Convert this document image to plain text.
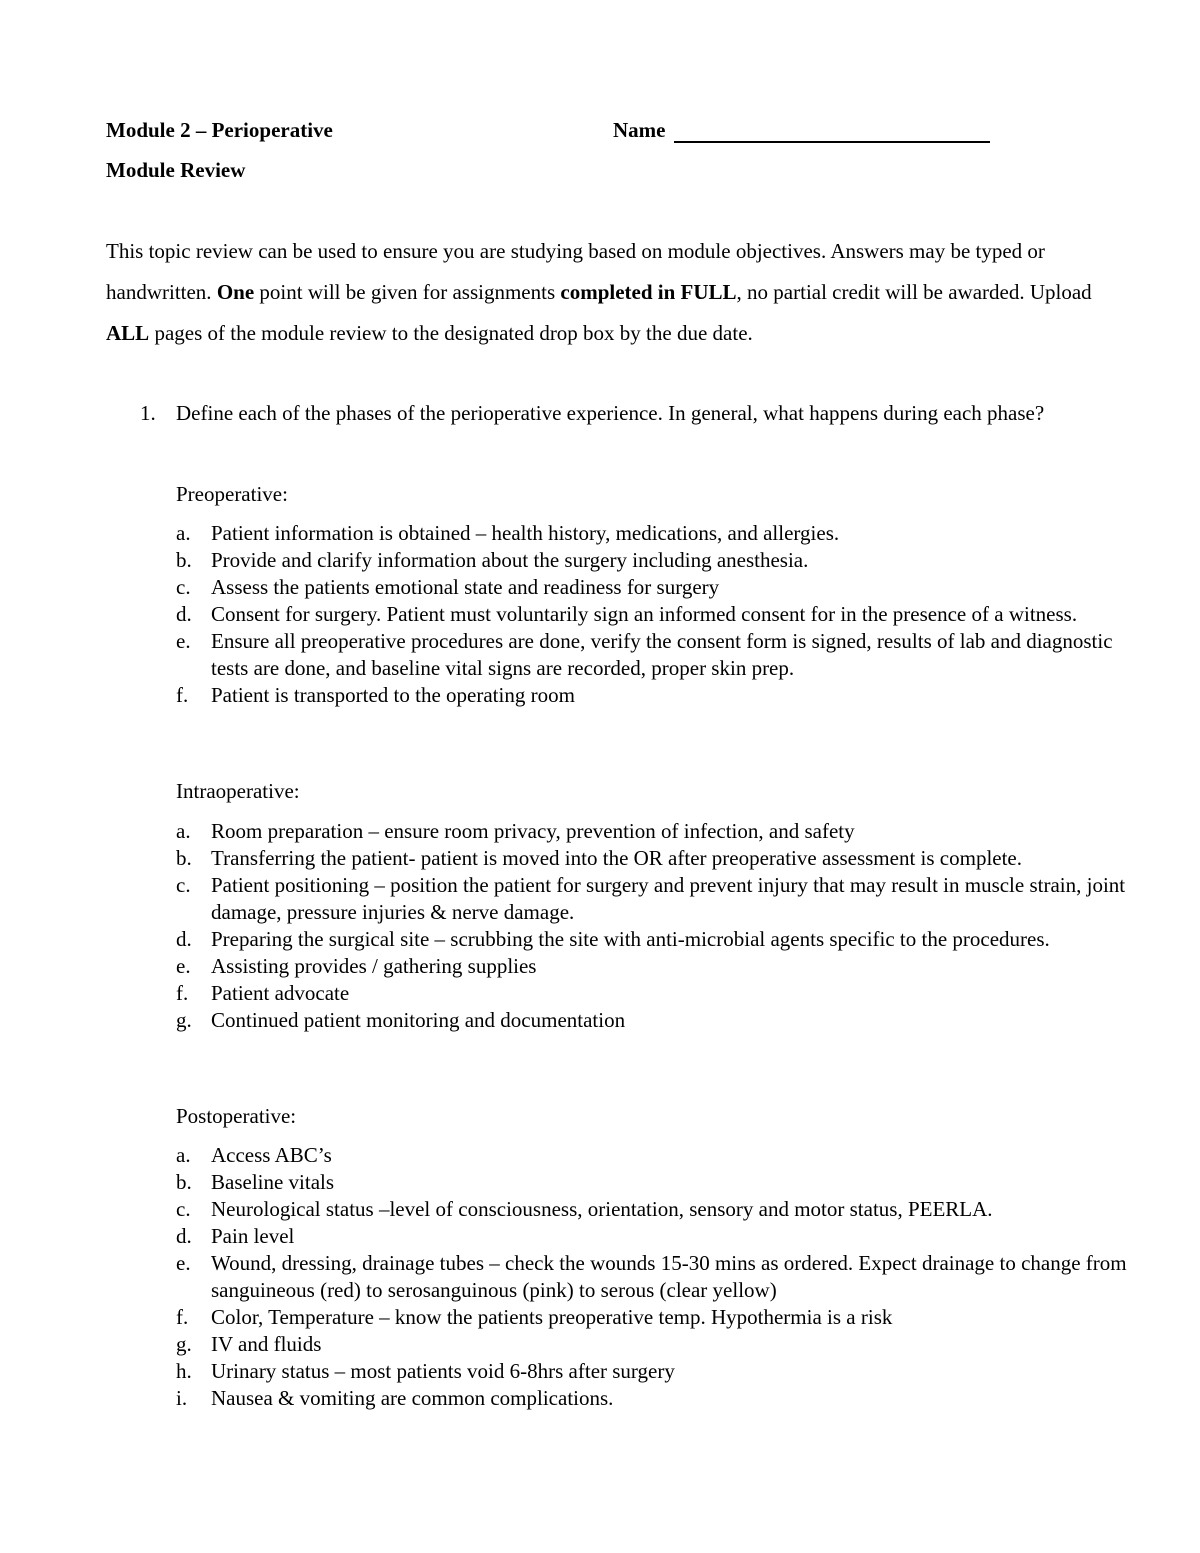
Module 2 – Perioperative	Name
Module Review

This topic review can be used to ensure you are studying based on module objectives. Answers may be typed or handwritten. One point will be given for assignments completed in FULL, no partial credit will be awarded. Upload ALL pages of the module review to the designated drop box by the due date.

1. Define each of the phases of the perioperative experience. In general, what happens during each phase?

Preoperative:
a. Patient information is obtained – health history, medications, and allergies.
b. Provide and clarify information about the surgery including anesthesia.
c. Assess the patients emotional state and readiness for surgery
d. Consent for surgery. Patient must voluntarily sign an informed consent for in the presence of a witness.
e. Ensure all preoperative procedures are done, verify the consent form is signed, results of lab and diagnostic tests are done, and baseline vital signs are recorded, proper skin prep.
f. Patient is transported to the operating room
Intraoperative:
a. Room preparation – ensure room privacy, prevention of infection, and safety
b. Transferring the patient- patient is moved into the OR after preoperative assessment is complete.
c. Patient positioning – position the patient for surgery and prevent injury that may result in muscle strain, joint damage, pressure injuries & nerve damage.
d. Preparing the surgical site – scrubbing the site with anti-microbial agents specific to the procedures.
e. Assisting provides / gathering supplies
f. Patient advocate
g. Continued patient monitoring and documentation
Postoperative:
a. Access ABC’s
b. Baseline vitals
c. Neurological status –level of consciousness, orientation, sensory and motor status, PEERLA.
d. Pain level
e. Wound, dressing, drainage tubes – check the wounds 15-30 mins as ordered. Expect drainage to change from sanguineous (red) to serosanguinous (pink) to serous (clear yellow)
f. Color, Temperature – know the patients preoperative temp. Hypothermia is a risk
g. IV and fluids
h. Urinary status – most patients void 6-8hrs after surgery
i. Nausea & vomiting are common complications.
